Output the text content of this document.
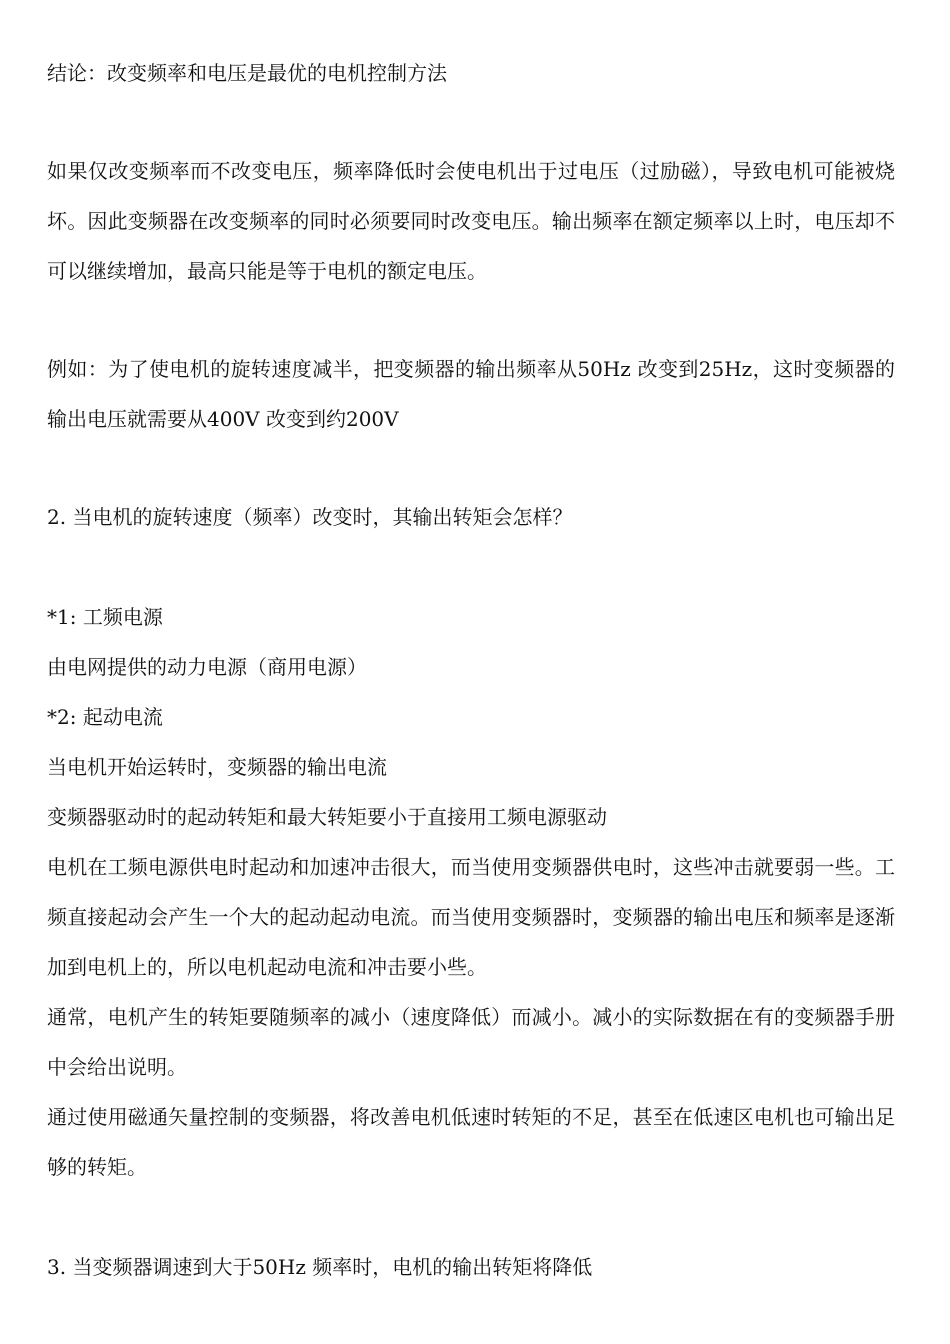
结论：改变频率和电压是最优的电机控制方法

如果仅改变频率而不改变电压，频率降低时会使电机出于过电压（过励磁），导致电机可能被烧坏。因此变频器在改变频率的同时必须要同时改变电压。输出频率在额定频率以上时，电压却不可以继续增加，最高只能是等于电机的额定电压。

例如：为了使电机的旋转速度减半，把变频器的输出频率从50Hz 改变到25Hz，这时变频器的输出电压就需要从400V 改变到约200V

2. 当电机的旋转速度（频率）改变时，其输出转矩会怎样？

*1: 工频电源

由电网提供的动力电源（商用电源）

*2: 起动电流

当电机开始运转时，变频器的输出电流

变频器驱动时的起动转矩和最大转矩要小于直接用工频电源驱动

电机在工频电源供电时起动和加速冲击很大，而当使用变频器供电时，这些冲击就要弱一些。工频直接起动会产生一个大的起动起动电流。而当使用变频器时，变频器的输出电压和频率是逐渐加到电机上的，所以电机起动电流和冲击要小些。

通常，电机产生的转矩要随频率的减小（速度降低）而减小。减小的实际数据在有的变频器手册中会给出说明。

通过使用磁通矢量控制的变频器，将改善电机低速时转矩的不足，甚至在低速区电机也可输出足够的转矩。

3. 当变频器调速到大于50Hz 频率时，电机的输出转矩将降低
